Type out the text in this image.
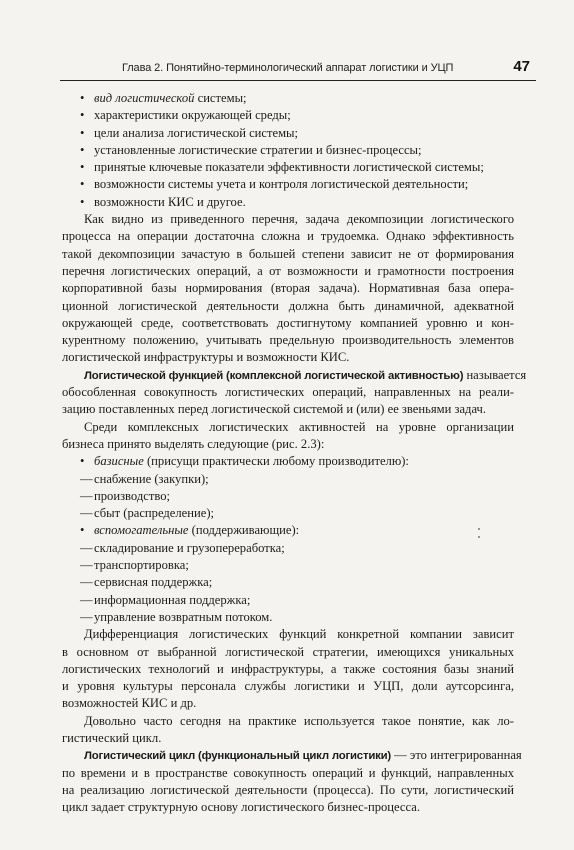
Глава 2. Понятийно-терминологический аппарат логистики и УЦП	47
• вид логистической системы;
• характеристики окружающей среды;
• цели анализа логистической системы;
• установленные логистические стратегии и бизнес-процессы;
• принятые ключевые показатели эффективности логистической системы;
• возможности системы учета и контроля логистической деятельности;
• возможности КИС и другое.
Как видно из приведенного перечня, задача декомпозиции логистического
процесса на операции достаточна сложна и трудоемка. Однако эффективность
такой декомпозиции зачастую в большей степени зависит не от формирования
перечня логистических операций, а от возможности и грамотности построения
корпоративной базы нормирования (вторая задача). Нормативная база опера-
ционной логистической деятельности должна быть динамичной, адекватной
окружающей среде, соответствовать достигнутому компанией уровню и кон-
курентному положению, учитывать предельную производительность элементов
логистической инфраструктуры и возможности КИС.
Логистической функцией (комплексной логистической активностью) называется
обособленная совокупность логистических операций, направленных на реали-
зацию поставленных перед логистической системой и (или) ее звеньями задач.
Среди комплексных логистических активностей на уровне организации
бизнеса принято выделять следующие (рис. 2.3):
• базисные (присущи практически любому производителю):
—снабжение (закупки);
—производство;
—сбыт (распределение);
• вспомогательные (поддерживающие):
—складирование и грузопереработка;
—транспортировка;
—сервисная поддержка;
—информационная поддержка;
—управление возвратным потоком.
Дифференциация логистических функций конкретной компании зависит
в основном от выбранной логистической стратегии, имеющихся уникальных
логистических технологий и инфраструктуры, а также состояния базы знаний
и уровня культуры персонала службы логистики и УЦП, доли аутсорсинга,
возможностей КИС и др.
Довольно часто сегодня на практике используется такое понятие, как ло-
гистический цикл.
Логистический цикл (функциональный цикл логистики) — это интегрированная
по времени и в пространстве совокупность операций и функций, направленных
на реализацию логистической деятельности (процесса). По сути, логистический
цикл задает структурную основу логистического бизнес-процесса.
